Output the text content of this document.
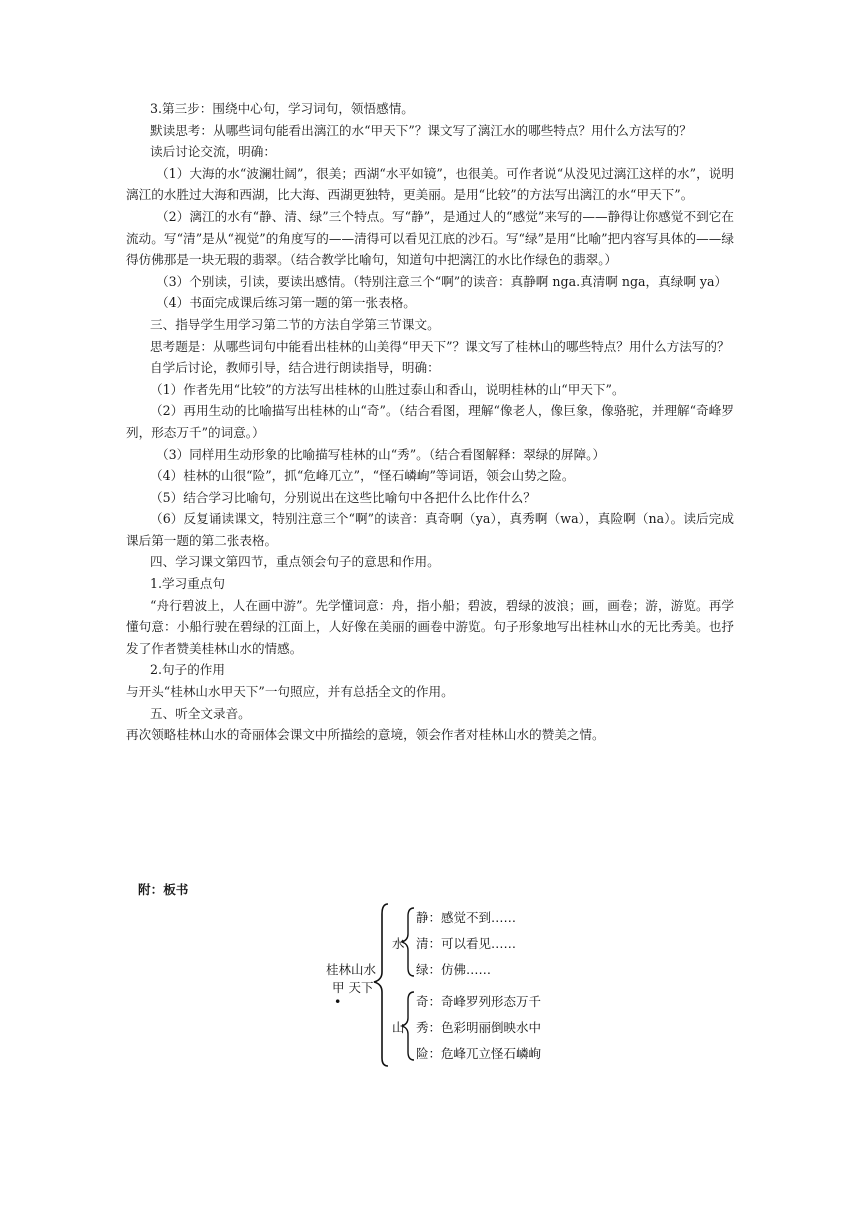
3.第三步：围绕中心句，学习词句，领悟感情。

默读思考：从哪些词句能看出漓江的水“甲天下”？课文写了漓江水的哪些特点？用什么方法写的？

读后讨论交流，明确：

（1）大海的水“波澜壮阔”，很美；西湖“水平如镜”，也很美。可作者说“从没见过漓江这样的水”，说明漓江的水胜过大海和西湖，比大海、西湖更独特，更美丽。是用“比较”的方法写出漓江的水“甲天下”。

（2）漓江的水有“静、清、绿”三个特点。写“静”，是通过人的“感觉”来写的——静得让你感觉不到它在流动。写“清”是从“视觉”的角度写的——清得可以看见江底的沙石。写“绿”是用“比喻”把内容写具体的——绿得仿佛那是一块无瑕的翡翠。（结合教学比喻句，知道句中把漓江的水比作绿色的翡翠。）

（3）个别读，引读，要读出感情。（特别注意三个“啊”的读音：真静啊 nga.真清啊 nga，真绿啊 ya）

（4）书面完成课后练习第一题的第一张表格。

三、指导学生用学习第二节的方法自学第三节课文。

思考题是：从哪些词句中能看出桂林的山美得“甲天下”？课文写了桂林山的哪些特点？用什么方法写的？

自学后讨论，教师引导，结合进行朗读指导，明确：

（1）作者先用“比较”的方法写出桂林的山胜过泰山和香山，说明桂林的山“甲天下”。

（2）再用生动的比喻描写出桂林的山“奇”。（结合看图，理解“像老人，像巨象，像骆驼，并理解“奇峰罗列，形态万千”的词意。）

（3）同样用生动形象的比喻描写桂林的山“秀”。（结合看图解释：翠绿的屏障。）

（4）桂林的山很“险”，抓“危峰兀立”，“怪石嶙峋”等词语，领会山势之险。

（5）结合学习比喻句，分别说出在这些比喻句中各把什么比作什么？

（6）反复诵读课文，特别注意三个“啊”的读音：真奇啊（ya），真秀啊（wa），真险啊（na）。读后完成课后第一题的第二张表格。

四、学习课文第四节，重点领会句子的意思和作用。

1.学习重点句

“舟行碧波上，人在画中游”。先学懂词意：舟，指小船；碧波，碧绿的波浪；画，画卷；游，游览。再学懂句意：小船行驶在碧绿的江面上，人好像在美丽的画卷中游览。句子形象地写出桂林山水的无比秀美。也抒发了作者赞美桂林山水的情感。

2.句子的作用

与开头“桂林山水甲天下”一句照应，并有总括全文的作用。

五、听全文录音。

再次领略桂林山水的奇丽体会课文中所描绘的意境，领会作者对桂林山水的赞美之情。

附：板书
桂林山水
甲 天下
•
水
静：感觉不到……
清：可以看见……
绿：仿佛……
山
奇：奇峰罗列形态万千
秀：色彩明丽倒映水中
险：危峰兀立怪石嶙峋
